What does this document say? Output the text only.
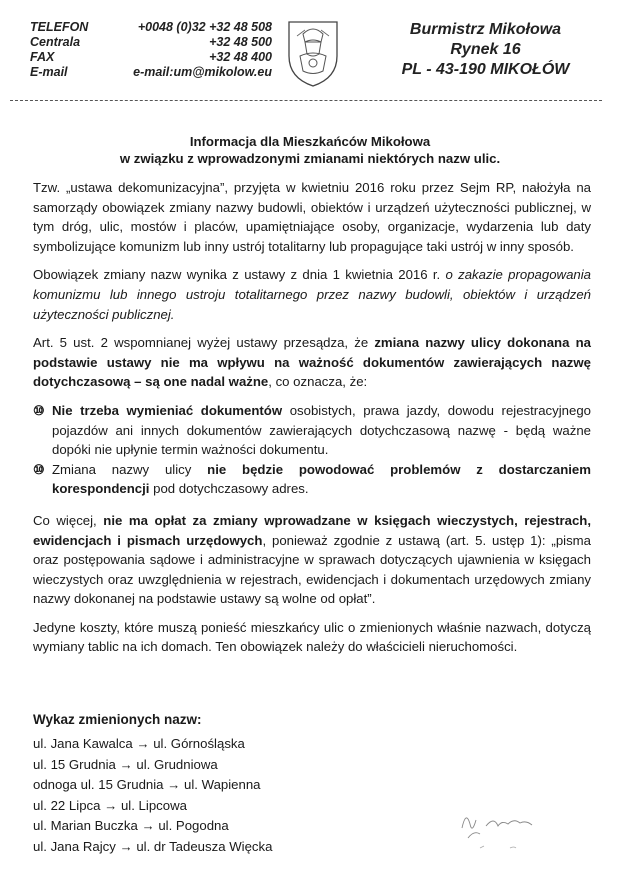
TELEFON
Centrala
FAX
E-mail
+0048 (0)32 +32 48 508
+32 48 500
+32 48 400
e-mail:um@mikolow.eu
Burmistrz Mikołowa
Rynek 16
PL - 43-190 MIKOŁÓW
Informacja dla Mieszkańców Mikołowa
w związku z wprowadzonymi zmianami niektórych nazw ulic.

Tzw. „ustawa dekomunizacyjna”, przyjęta w kwietniu 2016 roku przez Sejm RP, nałożyła na samorządy obowiązek zmiany nazwy budowli, obiektów i urządzeń użyteczności publicznej, w tym dróg, ulic, mostów i placów, upamiętniające osoby, organizacje, wydarzenia lub daty symbolizujące komunizm lub inny ustrój totalitarny lub propagujące taki ustrój w inny sposób.

Obowiązek zmiany nazw wynika z ustawy z dnia 1 kwietnia 2016 r. o zakazie propagowania komunizmu lub innego ustroju totalitarnego przez nazwy budowli, obiektów i urządzeń użyteczności publicznej.

Art. 5 ust. 2 wspomnianej wyżej ustawy przesądza, że zmiana nazwy ulicy dokonana na podstawie ustawy nie ma wpływu na ważność dokumentów zawierających nazwę dotychczasową – są one nadal ważne, co oznacza, że:

⑩ Nie trzeba wymieniać dokumentów osobistych, prawa jazdy, dowodu rejestracyjnego pojazdów ani innych dokumentów zawierających dotychczasową nazwę - będą ważne dopóki nie upłynie termin ważności dokumentu.
⑩ Zmiana nazwy ulicy nie będzie powodować problemów z dostarczaniem korespondencji pod dotychczasowy adres.

Co więcej, nie ma opłat za zmiany wprowadzane w księgach wieczystych, rejestrach, ewidencjach i pismach urzędowych, ponieważ zgodnie z ustawą (art. 5. ustęp 1): „pisma oraz postępowania sądowe i administracyjne w sprawach dotyczących ujawnienia w księgach wieczystych oraz uwzględnienia w rejestrach, ewidencjach i dokumentach urzędowych zmiany nazwy dokonanej na podstawie ustawy są wolne od opłat”.

Jedyne koszty, które muszą ponieść mieszkańcy ulic o zmienionych właśnie nazwach, dotyczą wymiany tablic na ich domach. Ten obowiązek należy do właścicieli nieruchomości.

Wykaz zmienionych nazw:
ul. Jana Kawalca → ul. Górnośląska
ul. 15 Grudnia → ul. Grudniowa
odnoga ul. 15 Grudnia → ul. Wapienna
ul. 22 Lipca → ul. Lipcowa
ul. Marian Buczka → ul. Pogodna
ul. Jana Rajcy → ul. dr Tadeusza Więcka
